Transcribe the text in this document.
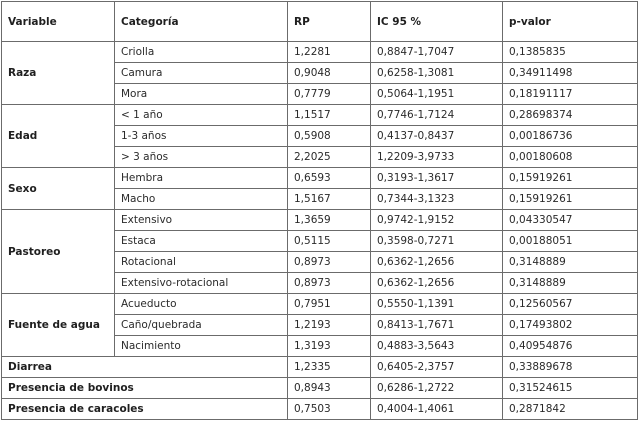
Variable	Categoría	RP	IC 95 %	p-valor
Raza	Criolla	1,2281	0,8847-1,7047	0,1385835
	Camura	0,9048	0,6258-1,3081	0,34911498
	Mora	0,7779	0,5064-1,1951	0,18191117
Edad	< 1 año	1,1517	0,7746-1,7124	0,28698374
	1-3 años	0,5908	0,4137-0,8437	0,00186736
	> 3 años	2,2025	1,2209-3,9733	0,00180608
Sexo	Hembra	0,6593	0,3193-1,3617	0,15919261
	Macho	1,5167	0,7344-3,1323	0,15919261
Pastoreo	Extensivo	1,3659	0,9742-1,9152	0,04330547
	Estaca	0,5115	0,3598-0,7271	0,00188051
	Rotacional	0,8973	0,6362-1,2656	0,3148889
	Extensivo-rotacional	0,8973	0,6362-1,2656	0,3148889
Fuente de agua	Acueducto	0,7951	0,5550-1,1391	0,12560567
	Caño/quebrada	1,2193	0,8413-1,7671	0,17493802
	Nacimiento	1,3193	0,4883-3,5643	0,40954876
Diarrea		1,2335	0,6405-2,3757	0,33889678
Presencia de bovinos		0,8943	0,6286-1,2722	0,31524615
Presencia de caracoles		0,7503	0,4004-1,4061	0,2871842
